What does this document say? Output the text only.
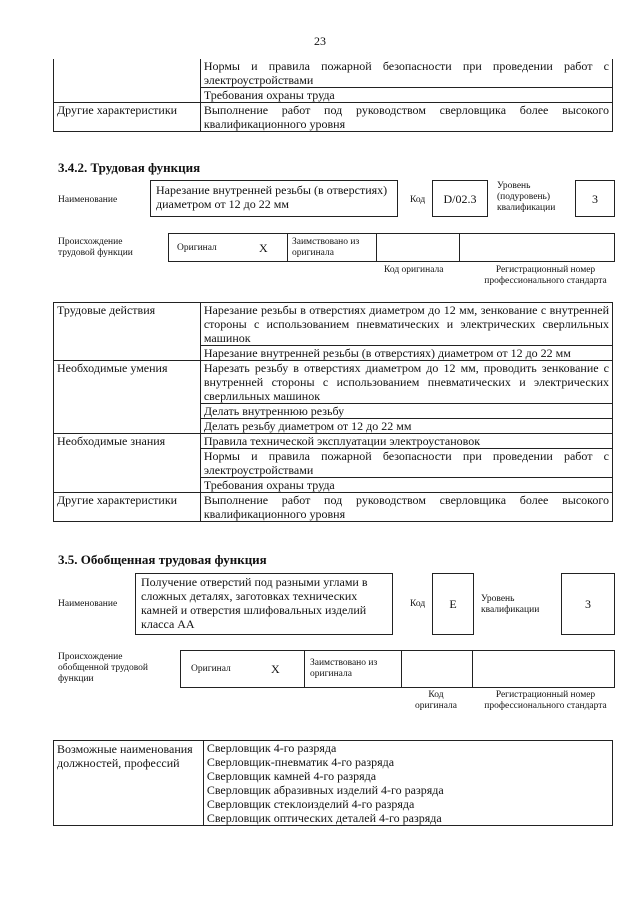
23
	Нормы и правила пожарной безопасности при проведении работ с электроустройствами
	Требования охраны труда
Другие характеристики	Выполнение работ под руководством сверловщика более высокого квалификационного уровня
3.4.2. Трудовая функция
Наименование
Нарезание внутренней резьбы (в отверстиях) диаметром от 12 до 22 мм	Код	D/02.3
Уровень (подуровень) квалификации
3
Происхождение трудовой функции	Оригинал	X	Заимствовано из оригинала
Код оригинала	Регистрационный номер профессионального стандарта
Трудовые действия	Нарезание резьбы в отверстиях диаметром до 12 мм, зенкование с внутренней стороны с использованием пневматических и электрических сверлильных машинок
	Нарезание внутренней резьбы (в отверстиях) диаметром от 12 до 22 мм
Необходимые умения	Нарезать резьбу в отверстиях диаметром до 12 мм, проводить зенкование с внутренней стороны с использованием пневматических и электрических сверлильных машинок
	Делать внутреннюю резьбу
	Делать резьбу диаметром от 12 до 22 мм
Необходимые знания	Правила технической эксплуатации электроустановок
	Нормы и правила пожарной безопасности при проведении работ с электроустройствами
	Требования охраны труда
Другие характеристики	Выполнение работ под руководством сверловщика более высокого квалификационного уровня
3.5. Обобщенная трудовая функция
Наименование
Получение отверстий под разными углами в сложных деталях, заготовках технических камней и отверстия шлифовальных изделий класса АА
Код	E	Уровень квалификации	3
Происхождение обобщенной трудовой функции
Оригинал	X	Заимствовано из оригинала
Код оригинала
Регистрационный номер профессионального стандарта
Возможные наименования должностей, профессий	Сверловщик 4-го разряда
Сверловщик-пневматик 4-го разряда
Сверловщик камней 4-го разряда
Сверловщик абразивных изделий 4-го разряда
Сверловщик стеклоизделий 4-го разряда
Сверловщик оптических деталей 4-го разряда
